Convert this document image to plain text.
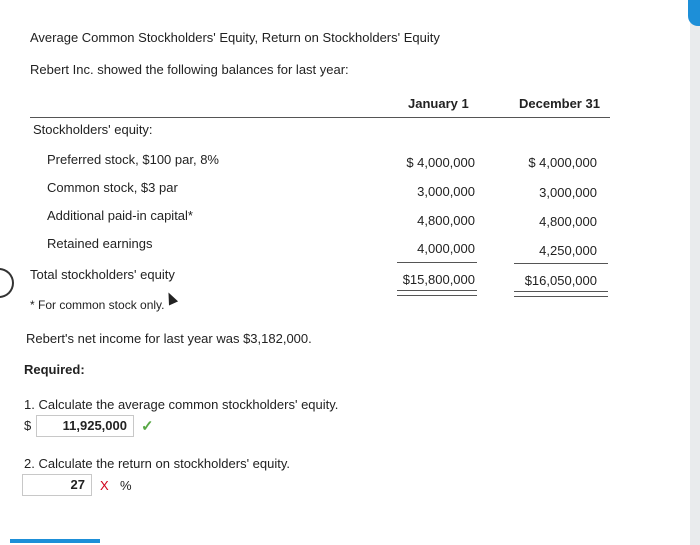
Average Common Stockholders' Equity, Return on Stockholders' Equity
Rebert Inc. showed the following balances for last year:
January 1	December 31
Stockholders' equity:
Preferred stock, $100 par, 8%	$ 4,000,000	$ 4,000,000
Common stock, $3 par	3,000,000	3,000,000
Additional paid-in capital*	4,800,000	4,800,000
Retained earnings	4,000,000	4,250,000
Total stockholders' equity	$15,800,000	$16,050,000
* For common stock only.
Rebert's net income for last year was $3,182,000.
Required:
1. Calculate the average common stockholders' equity.
$	11,925,000 ✓
2. Calculate the return on stockholders' equity.
27	X %
